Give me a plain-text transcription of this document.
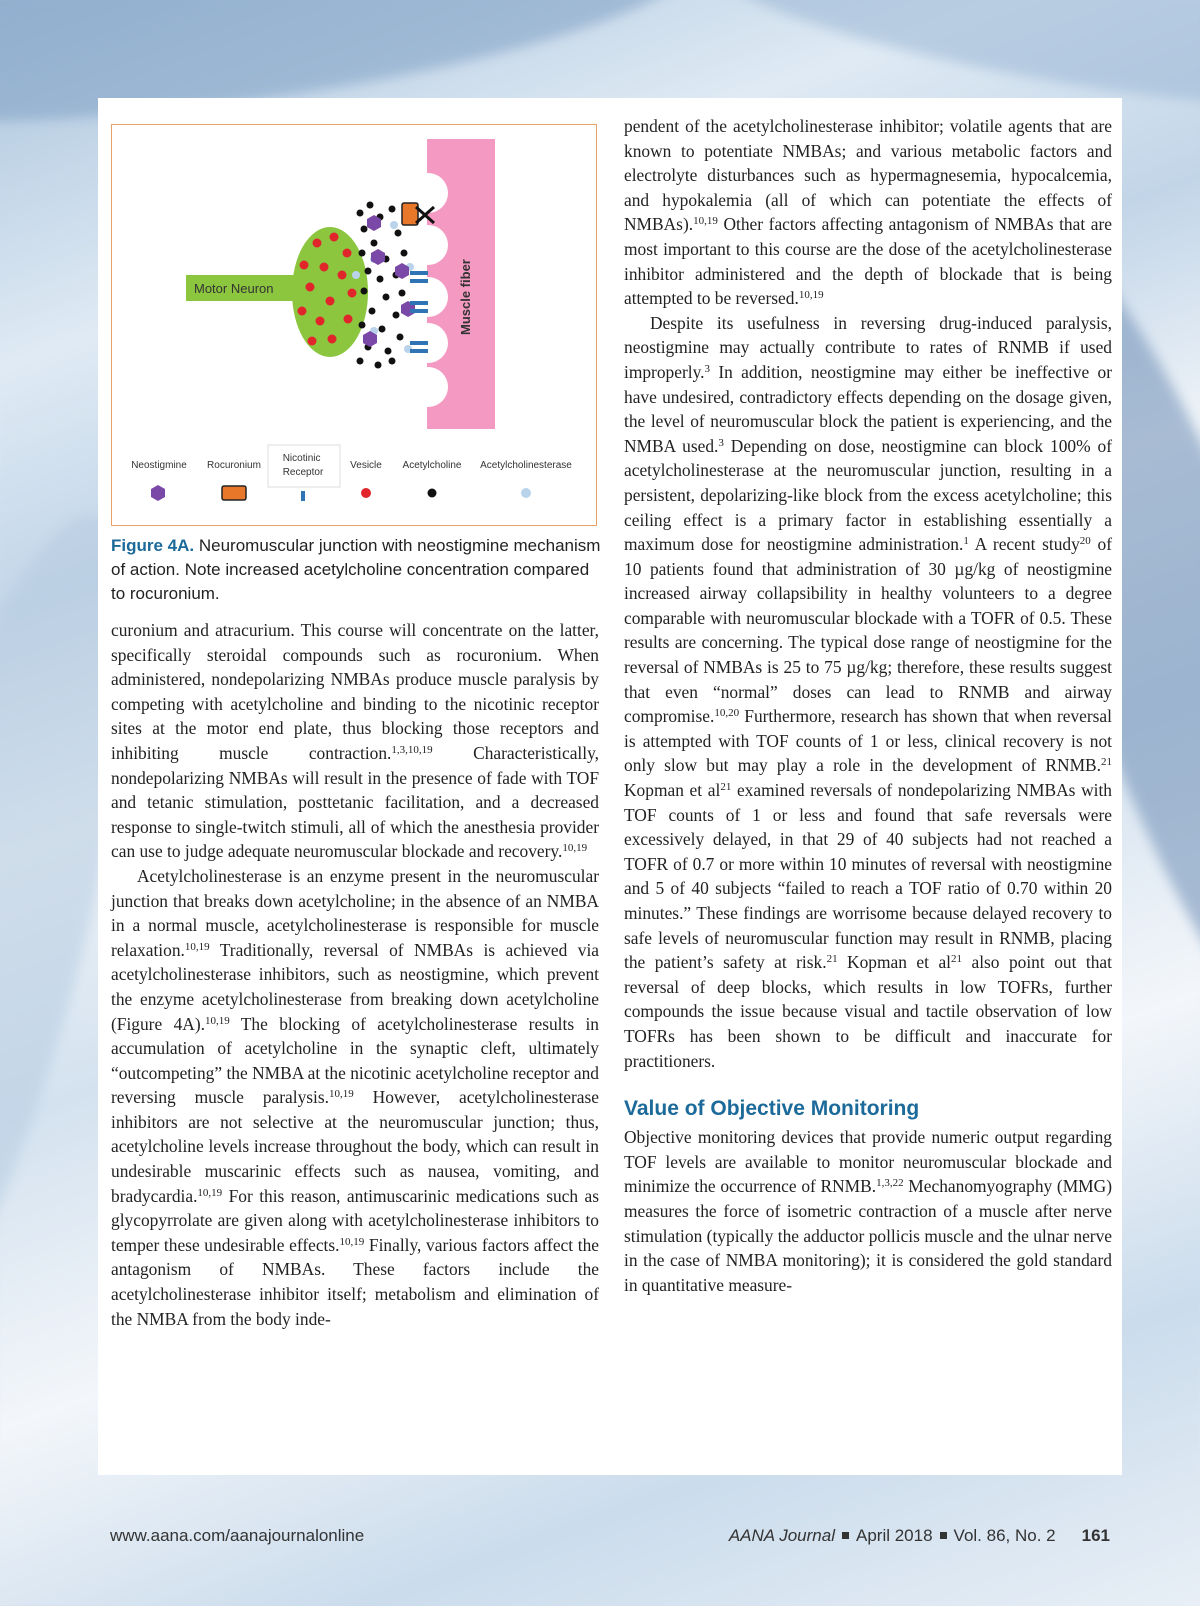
Muscle fiber
Motor Neuron
Neostigmine Rocuronium
Nicotinic Receptor
Vesicle Acetylcholine Acetylcholinesterase
Figure 4A. Neuromuscular junction with neostigmine mechanism of action. Note increased acetylcholine concentration compared to rocuronium.

curonium and atracurium. This course will concentrate on the latter, specifically steroidal compounds such as rocuronium. When administered, nondepolarizing NMBAs produce muscle paralysis by competing with acetylcholine and binding to the nicotinic receptor sites at the motor end plate, thus blocking those receptors and inhibiting muscle contraction.$^{1,3,10,19}$ Characteristically, nondepolarizing NMBAs will result in the presence of fade with TOF and tetanic stimulation, posttetanic facilitation, and a decreased response to single-twitch stimuli, all of which the anesthesia provider can use to judge adequate neuromuscular blockade and recovery.$^{10,19}$

Acetylcholinesterase is an enzyme present in the neuromuscular junction that breaks down acetylcholine; in the absence of an NMBA in a normal muscle, acetylcholinesterase is responsible for muscle relaxation.$^{10,19}$ Traditionally, reversal of NMBAs is achieved via acetylcholinesterase inhibitors, such as neostigmine, which prevent the enzyme acetylcholinesterase from breaking down acetylcholine (Figure 4A).$^{10,19}$ The blocking of acetylcholinesterase results in accumulation of acetylcholine in the synaptic cleft, ultimately “outcompeting” the NMBA at the nicotinic acetylcholine receptor and reversing muscle paralysis.$^{10,19}$ However, acetylcholinesterase inhibitors are not selective at the neuromuscular junction; thus, acetylcholine levels increase throughout the body, which can result in undesirable muscarinic effects such as nausea, vomiting, and bradycardia.$^{10,19}$ For this reason, antimuscarinic medications such as glycopyrrolate are given along with acetylcholinesterase inhibitors to temper these undesirable effects.$^{10,19}$ Finally, various factors affect the antagonism of NMBAs. These factors include the acetylcholinesterase inhibitor itself; metabolism and elimination of the NMBA from the body inde-

pendent of the acetylcholinesterase inhibitor; volatile agents that are known to potentiate NMBAs; and various metabolic factors and electrolyte disturbances such as hypermagnesemia, hypocalcemia, and hypokalemia (all of which can potentiate the effects of NMBAs).$^{10,19}$ Other factors affecting antagonism of NMBAs that are most important to this course are the dose of the acetylcholinesterase inhibitor administered and the depth of blockade that is being attempted to be reversed.$^{10,19}$

Despite its usefulness in reversing drug-induced paralysis, neostigmine may actually contribute to rates of RNMB if used improperly.$^3$ In addition, neostigmine may either be ineffective or have undesired, contradictory effects depending on the dosage given, the level of neuromuscular block the patient is experiencing, and the NMBA used.$^3$ Depending on dose, neostigmine can block 100% of acetylcholinesterase at the neuromuscular junction, resulting in a persistent, depolarizing-like block from the excess acetylcholine; this ceiling effect is a primary factor in establishing essentially a maximum dose for neostigmine administration.$^1$ A recent study$^{20}$ of 10 patients found that administration of 30 µg/kg of neostigmine increased airway collapsibility in healthy volunteers to a degree comparable with neuromuscular blockade with a TOFR of 0.5. These results are concerning. The typical dose range of neostigmine for the reversal of NMBAs is 25 to 75 µg/kg; therefore, these results suggest that even “normal” doses can lead to RNMB and airway compromise.$^{10,20}$ Furthermore, research has shown that when reversal is attempted with TOF counts of 1 or less, clinical recovery is not only slow but may play a role in the development of RNMB.$^{21}$ Kopman et $al^{21}$ examined reversals of nondepolarizing NMBAs with TOF counts of 1 or less and found that safe reversals were excessively delayed, in that 29 of 40 subjects had not reached a TOFR of 0.7 or more within 10 minutes of reversal with neostigmine and 5 of 40 subjects “failed to reach a TOF ratio of 0.70 within 20 minutes.” These findings are worrisome because delayed recovery to safe levels of neuromuscular function may result in RNMB, placing the patient’s safety at risk.$^{21}$ Kopman et $al^{21}$ also point out that reversal of deep blocks, which results in low TOFRs, further compounds the issue because visual and tactile observation of low TOFRs has been shown to be difficult and inaccurate for practitioners.

Value of Objective Monitoring

Objective monitoring devices that provide numeric output regarding TOF levels are available to monitor neuromuscular blockade and minimize the occurrence of RNMB.$^{1,3,22}$ Mechanomyography (MMG) measures the force of isometric contraction of a muscle after nerve stimulation (typically the adductor pollicis muscle and the ulnar nerve in the case of NMBA monitoring); it is considered the gold standard in quantitative measure-

www.aana.com/aanajournalonline	AANA Journal April 2018 Vol. 86, No. 2 161
